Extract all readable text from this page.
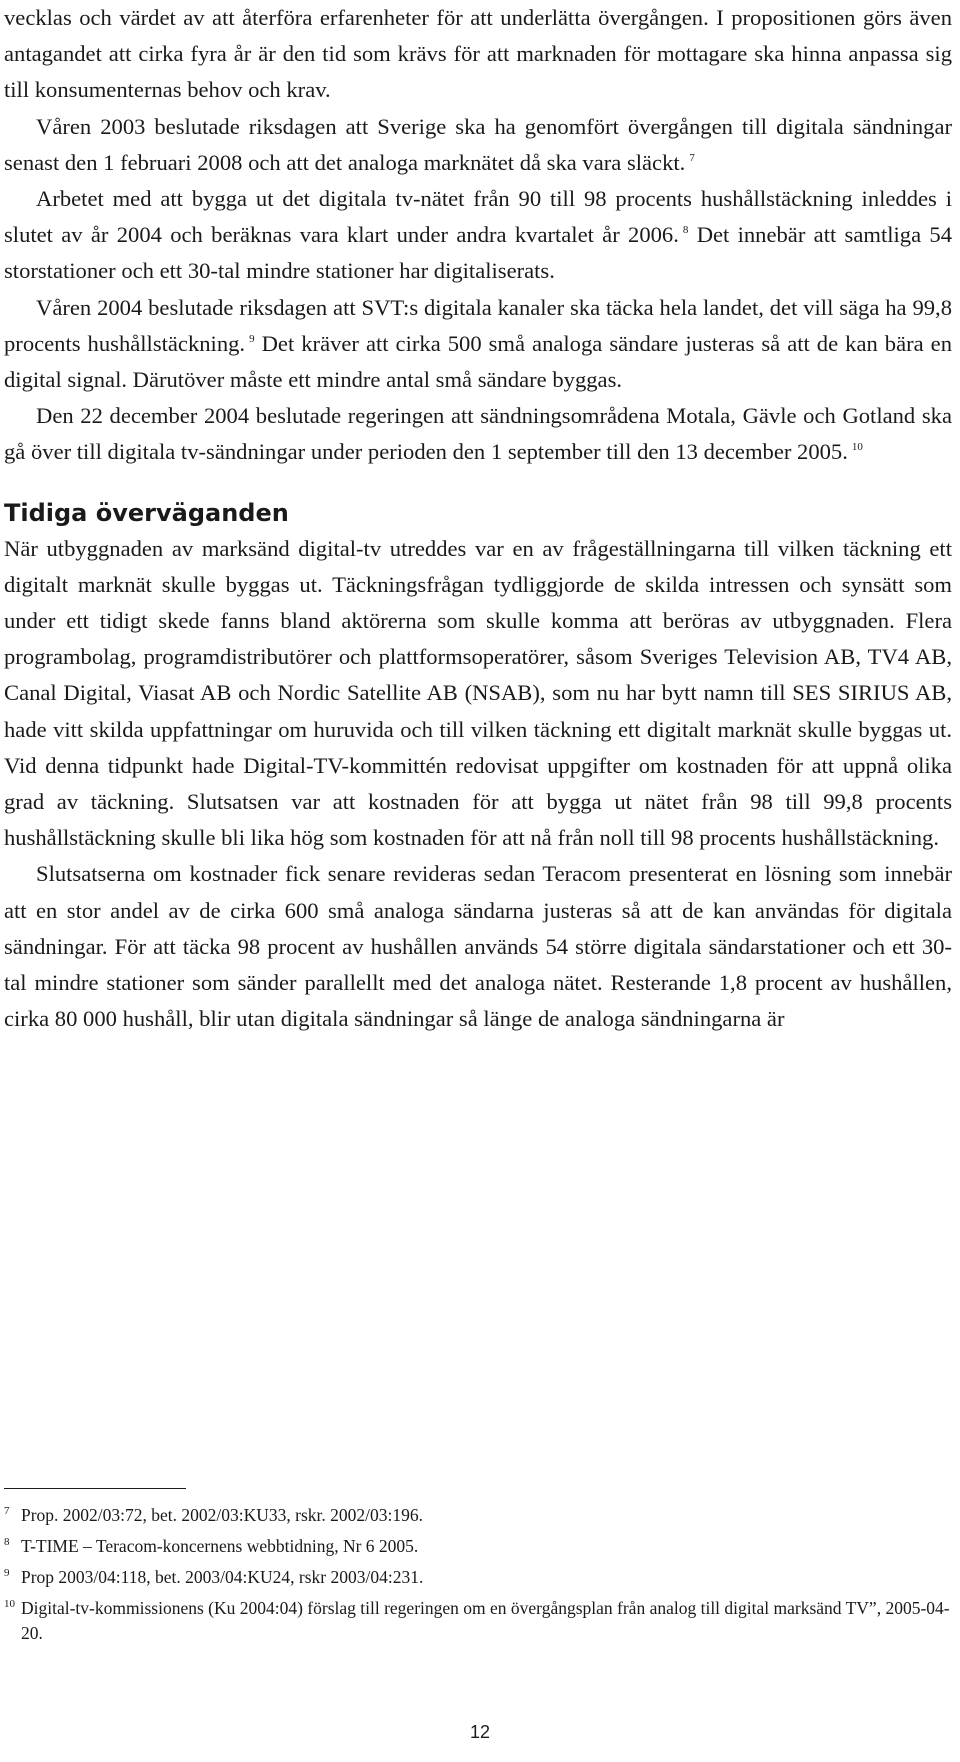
vecklas och värdet av att återföra erfarenheter för att underlätta övergången. I propositionen görs även antagandet att cirka fyra år är den tid som krävs för att marknaden för mottagare ska hinna anpassa sig till konsumenternas behov och krav.

Våren 2003 beslutade riksdagen att Sverige ska ha genomfört övergången till digitala sändningar senast den 1 februari 2008 och att det analoga marknätet då ska vara släckt. $^7$

Arbetet med att bygga ut det digitala tv-nätet från 90 till 98 procents hushållstäckning inleddes i slutet av år 2004 och beräknas vara klart under andra kvartalet år 2006. $^8$ Det innebär att samtliga 54 storstationer och ett 30-tal mindre stationer har digitaliserats.

Våren 2004 beslutade riksdagen att SVT:s digitala kanaler ska täcka hela landet, det vill säga ha 99,8 procents hushållstäckning. $^9$ Det kräver att cirka 500 små analoga sändare justeras så att de kan bära en digital signal. Därutöver måste ett mindre antal små sändare byggas.

Den 22 december 2004 beslutade regeringen att sändningsområdena Motala, Gävle och Gotland ska gå över till digitala tv-sändningar under perioden den 1 september till den 13 december 2005. $^{10}$

Tidiga överväganden

När utbyggnaden av marksänd digital-tv utreddes var en av frågeställningarna till vilken täckning ett digitalt marknät skulle byggas ut. Täckningsfrågan tydliggjorde de skilda intressen och synsätt som under ett tidigt skede fanns bland aktörerna som skulle komma att beröras av utbyggnaden. Flera programbolag, programdistributörer och plattformsoperatörer, såsom Sveriges Television AB, TV4 AB, Canal Digital, Viasat AB och Nordic Satellite AB (NSAB), som nu har bytt namn till SES SIRIUS AB, hade vitt skilda uppfattningar om huruvida och till vilken täckning ett digitalt marknät skulle byggas ut. Vid denna tidpunkt hade Digital-TV-kommittén redovisat uppgifter om kostnaden för att uppnå olika grad av täckning. Slutsatsen var att kostnaden för att bygga ut nätet från 98 till 99,8 procents hushållstäckning skulle bli lika hög som kostnaden för att nå från noll till 98 procents hushållstäckning.

Slutsatserna om kostnader fick senare revideras sedan Teracom presenterat en lösning som innebär att en stor andel av de cirka 600 små analoga sändarna justeras så att de kan användas för digitala sändningar. För att täcka 98 procent av hushållen används 54 större digitala sändarstationer och ett 30-tal mindre stationer som sänder parallellt med det analoga nätet. Resterande 1,8 procent av hushållen, cirka 80 000 hushåll, blir utan digitala sändningar så länge de analoga sändningarna är

7 Prop. 2002/03:72, bet. 2002/03:KU33, rskr. 2002/03:196.
8 T-TIME – Teracom-koncernens webbtidning, Nr 6 2005.
9 Prop 2003/04:118, bet. 2003/04:KU24, rskr 2003/04:231.
10 Digital-tv-kommissionens (Ku 2004:04) förslag till regeringen om en övergångsplan från analog till digital marksänd TV”, 2005-04-20.
12
